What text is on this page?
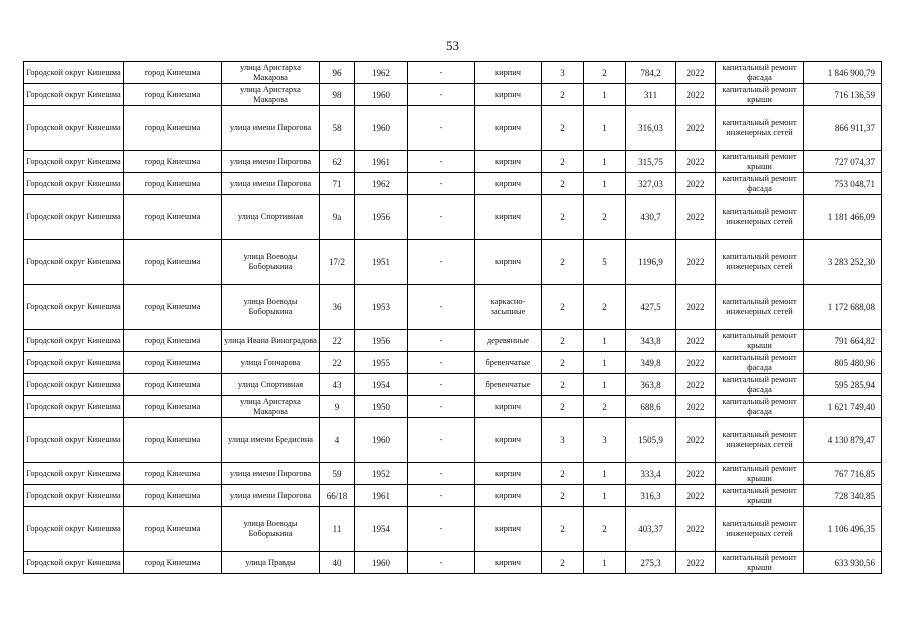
53
Городской округ Кинешма	город Кинешма	улица Аристарха Макарова	96	1962	-	кирпич	3	2	784,2	2022	капитальный ремонт фасада	1 846 900,79
Городской округ Кинешма	город Кинешма	улица Аристарха Макарова	98	1960	-	кирпич	2	1	311	2022	капитальный ремонт крыши	716 136,59
Городской округ Кинешма	город Кинешма	улица имени Пирогова	58	1960	-	кирпич	2	1	316,03	2022	капитальный ремонт инженерных сетей	866 911,37
Городской округ Кинешма	город Кинешма	улица имени Пирогова	62	1961	-	кирпич	2	1	315,75	2022	капитальный ремонт крыши	727 074,37
Городской округ Кинешма	город Кинешма	улица имени Пирогова	71	1962	-	кирпич	2	1	327,03	2022	капитальный ремонт фасада	753 048,71
Городской округ Кинешма	город Кинешма	улица Спортивная	9а	1956	-	кирпич	2	2	430,7	2022	капитальный ремонт инженерных сетей	1 181 466,09
Городской округ Кинешма	город Кинешма	улица Воеводы Боборыкина	17/2	1951	-	кирпич	2	5	1196,9	2022	капитальный ремонт инженерных сетей	3 283 252,30
Городской округ Кинешма	город Кинешма	улица Воеводы Боборыкина	36	1953	-	каркасно-засыпные	2	2	427,5	2022	капитальный ремонт инженерных сетей	1 172 688,08
Городской округ Кинешма	город Кинешма	улица Ивана Виноградова	22	1956	-	деревянные	2	1	343,8	2022	капитальный ремонт крыши	791 664,82
Городской округ Кинешма	город Кинешма	улица Гончарова	22	1955	-	бревенчатые	2	1	349,8	2022	капитальный ремонт фасада	805 480,96
Городской округ Кинешма	город Кинешма	улица Спортивная	43	1954	-	бревенчатые	2	1	363,8	2022	капитальный ремонт фасада	595 285,94
Городской округ Кинешма	город Кинешма	улица Аристарха Макарова	9	1950	-	кирпич	2	2	688,6	2022	капитальный ремонт фасада	1 621 749,40
Городской округ Кинешма	город Кинешма	улица имени Бредисина	4	1960	-	кирпич	3	3	1505,9	2022	капитальный ремонт инженерных сетей	4 130 879,47
Городской округ Кинешма	город Кинешма	улица имени Пирогова	59	1952	-	кирпич	2	1	333,4	2022	капитальный ремонт крыши	767 716,85
Городской округ Кинешма	город Кинешма	улица имени Пирогова	66/18	1961	-	кирпич	2	1	316,3	2022	капитальный ремонт крыши	728 340,85
Городской округ Кинешма	город Кинешма	улица Воеводы Боборыкина	11	1954	-	кирпич	2	2	403,37	2022	капитальный ремонт инженерных сетей	1 106 496,35
Городской округ Кинешма	город Кинешма	улица Правды	40	1960	-	кирпич	2	1	275,3	2022	капитальный ремонт крыши	633 930,56
